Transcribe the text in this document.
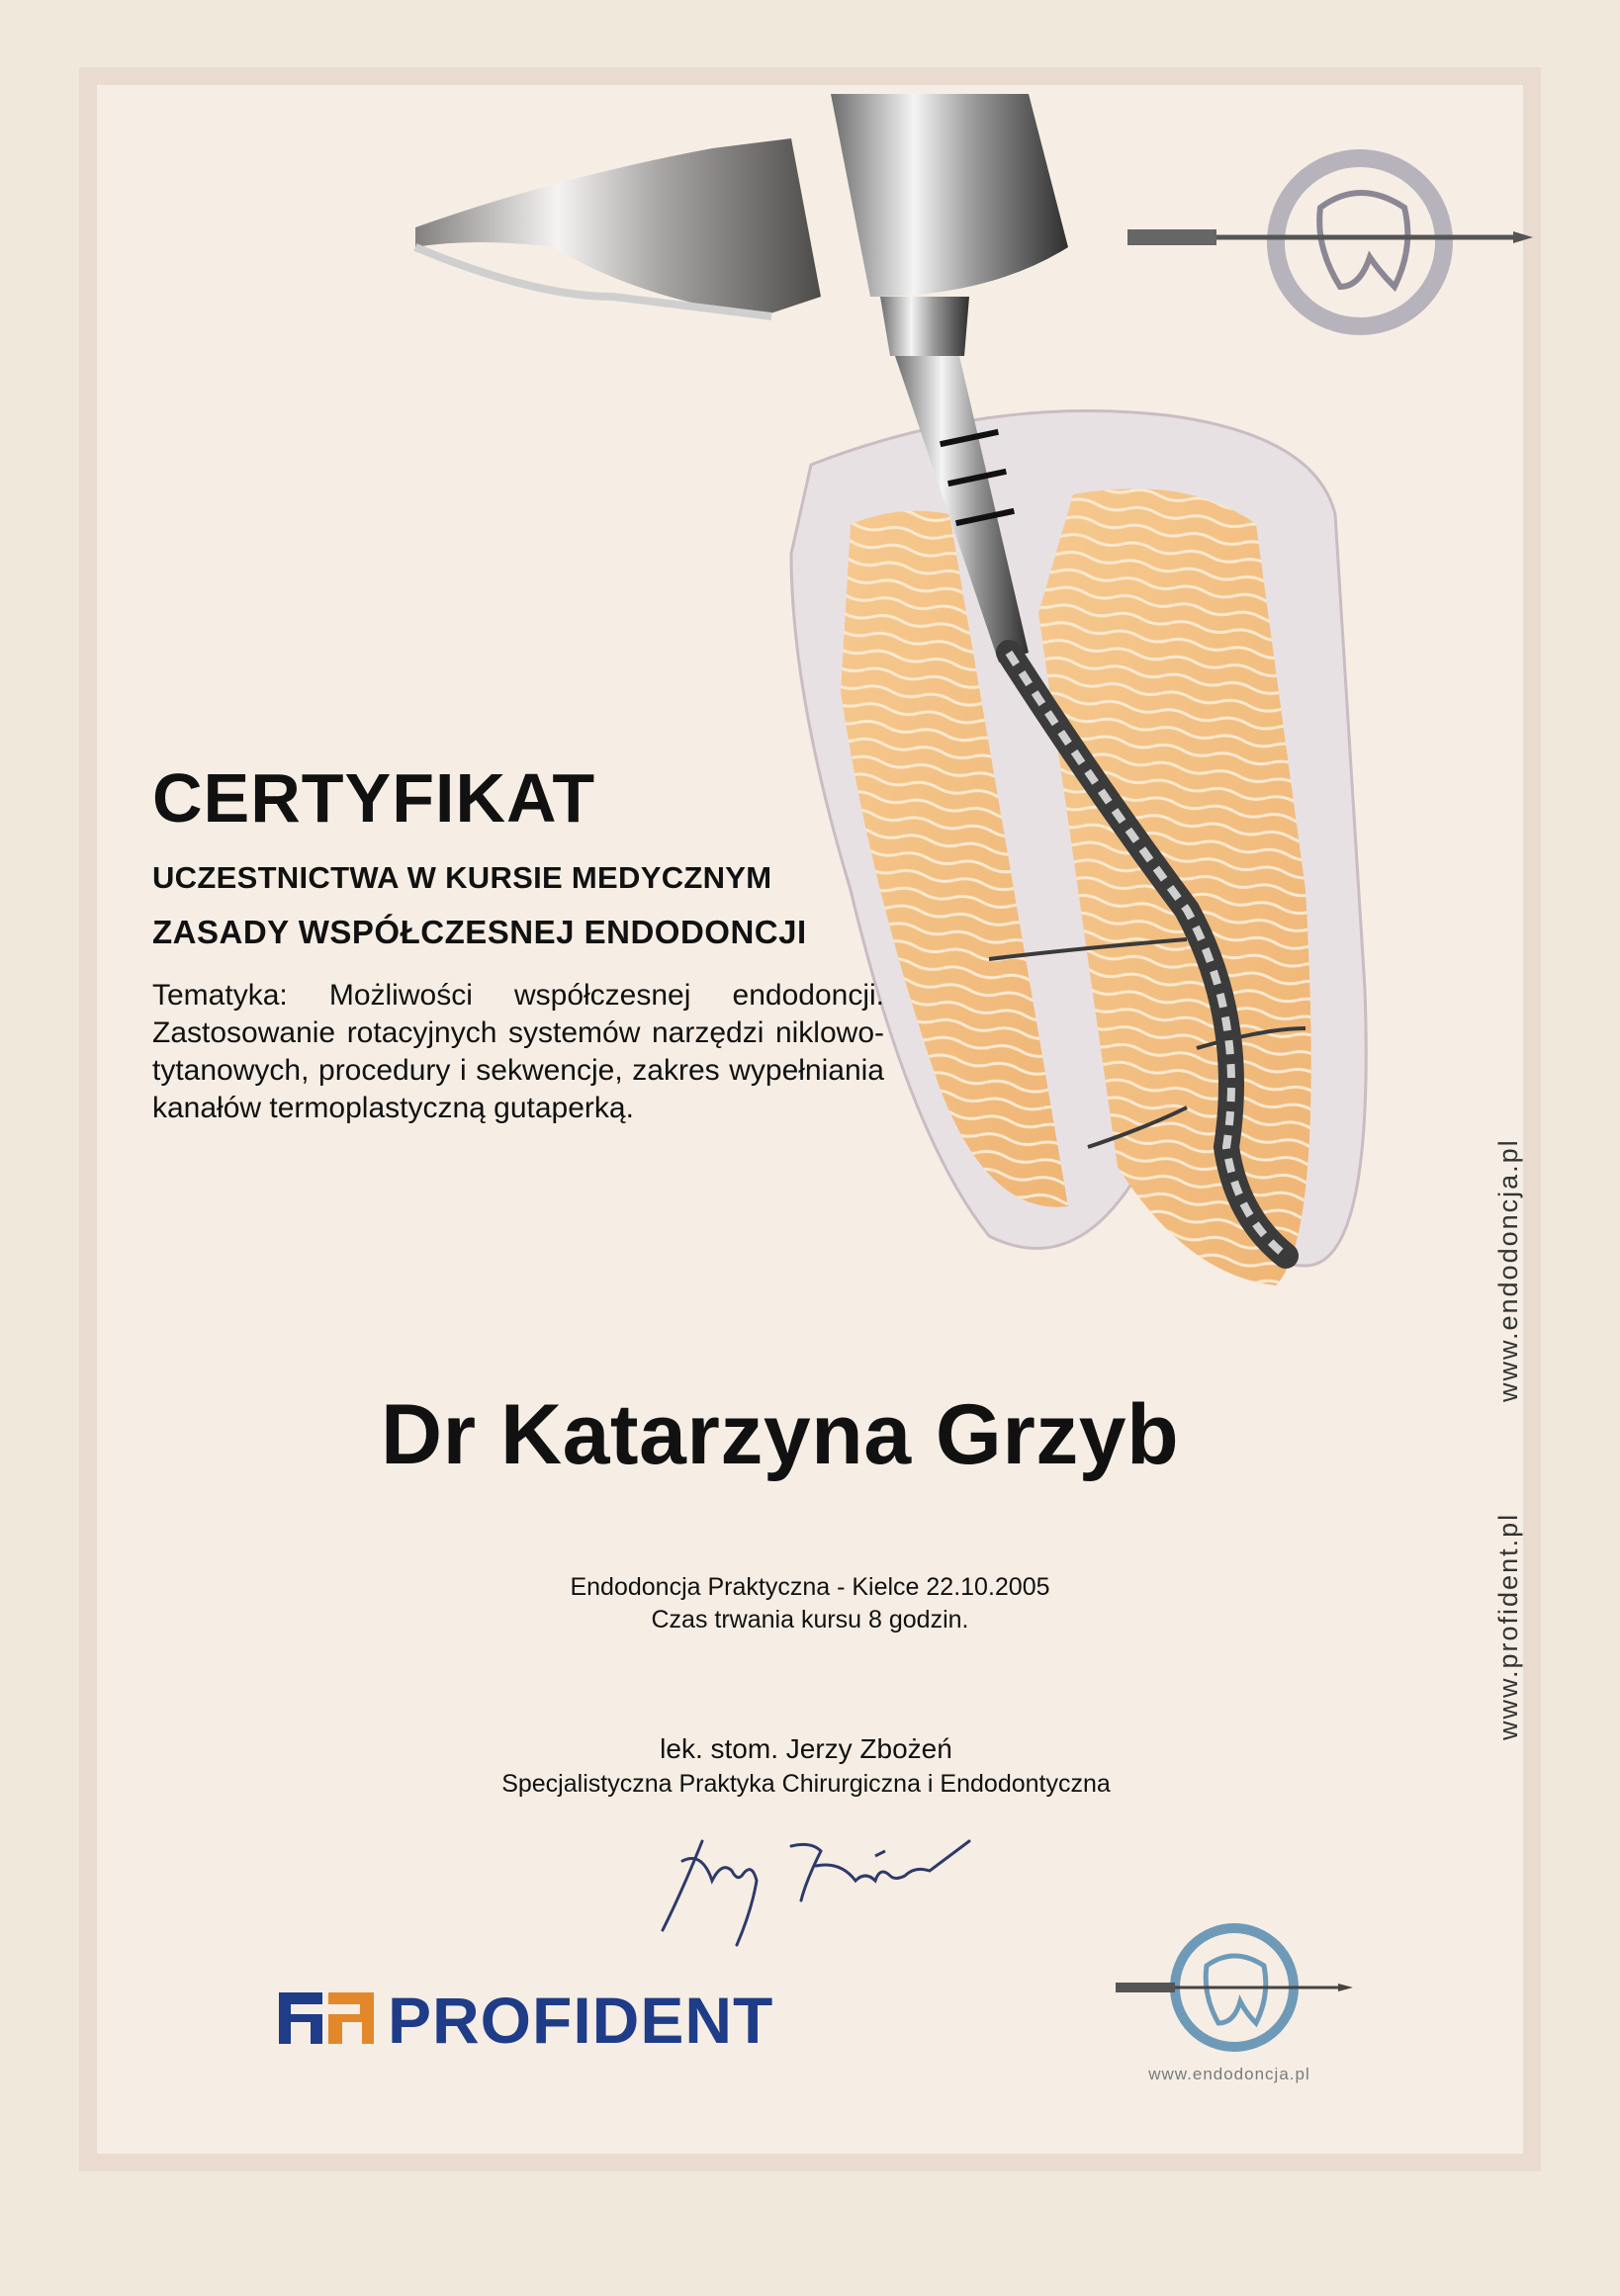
CERTYFIKAT
UCZESTNICTWA W KURSIE MEDYCZNYM
ZASADY WSPÓŁCZESNEJ ENDODONCJI

Tematyka: Możliwości współczesnej endodoncji. Zastosowanie rotacyjnych systemów narzędzi niklowo-tytanowych, procedury i sekwencje, zakres wypełniania kanałów termoplastyczną gutaperką.

Dr Katarzyna Grzyb
Endodoncja Praktyczna - Kielce 22.10.2005
Czas trwania kursu 8 godzin.
lek. stom. Jerzy Zbożeń
Specjalistyczna Praktyka Chirurgiczna i Endodontyczna
www.endodoncja.pl
www.profident.pl
PROFIDENT
www.endodoncja.pl
